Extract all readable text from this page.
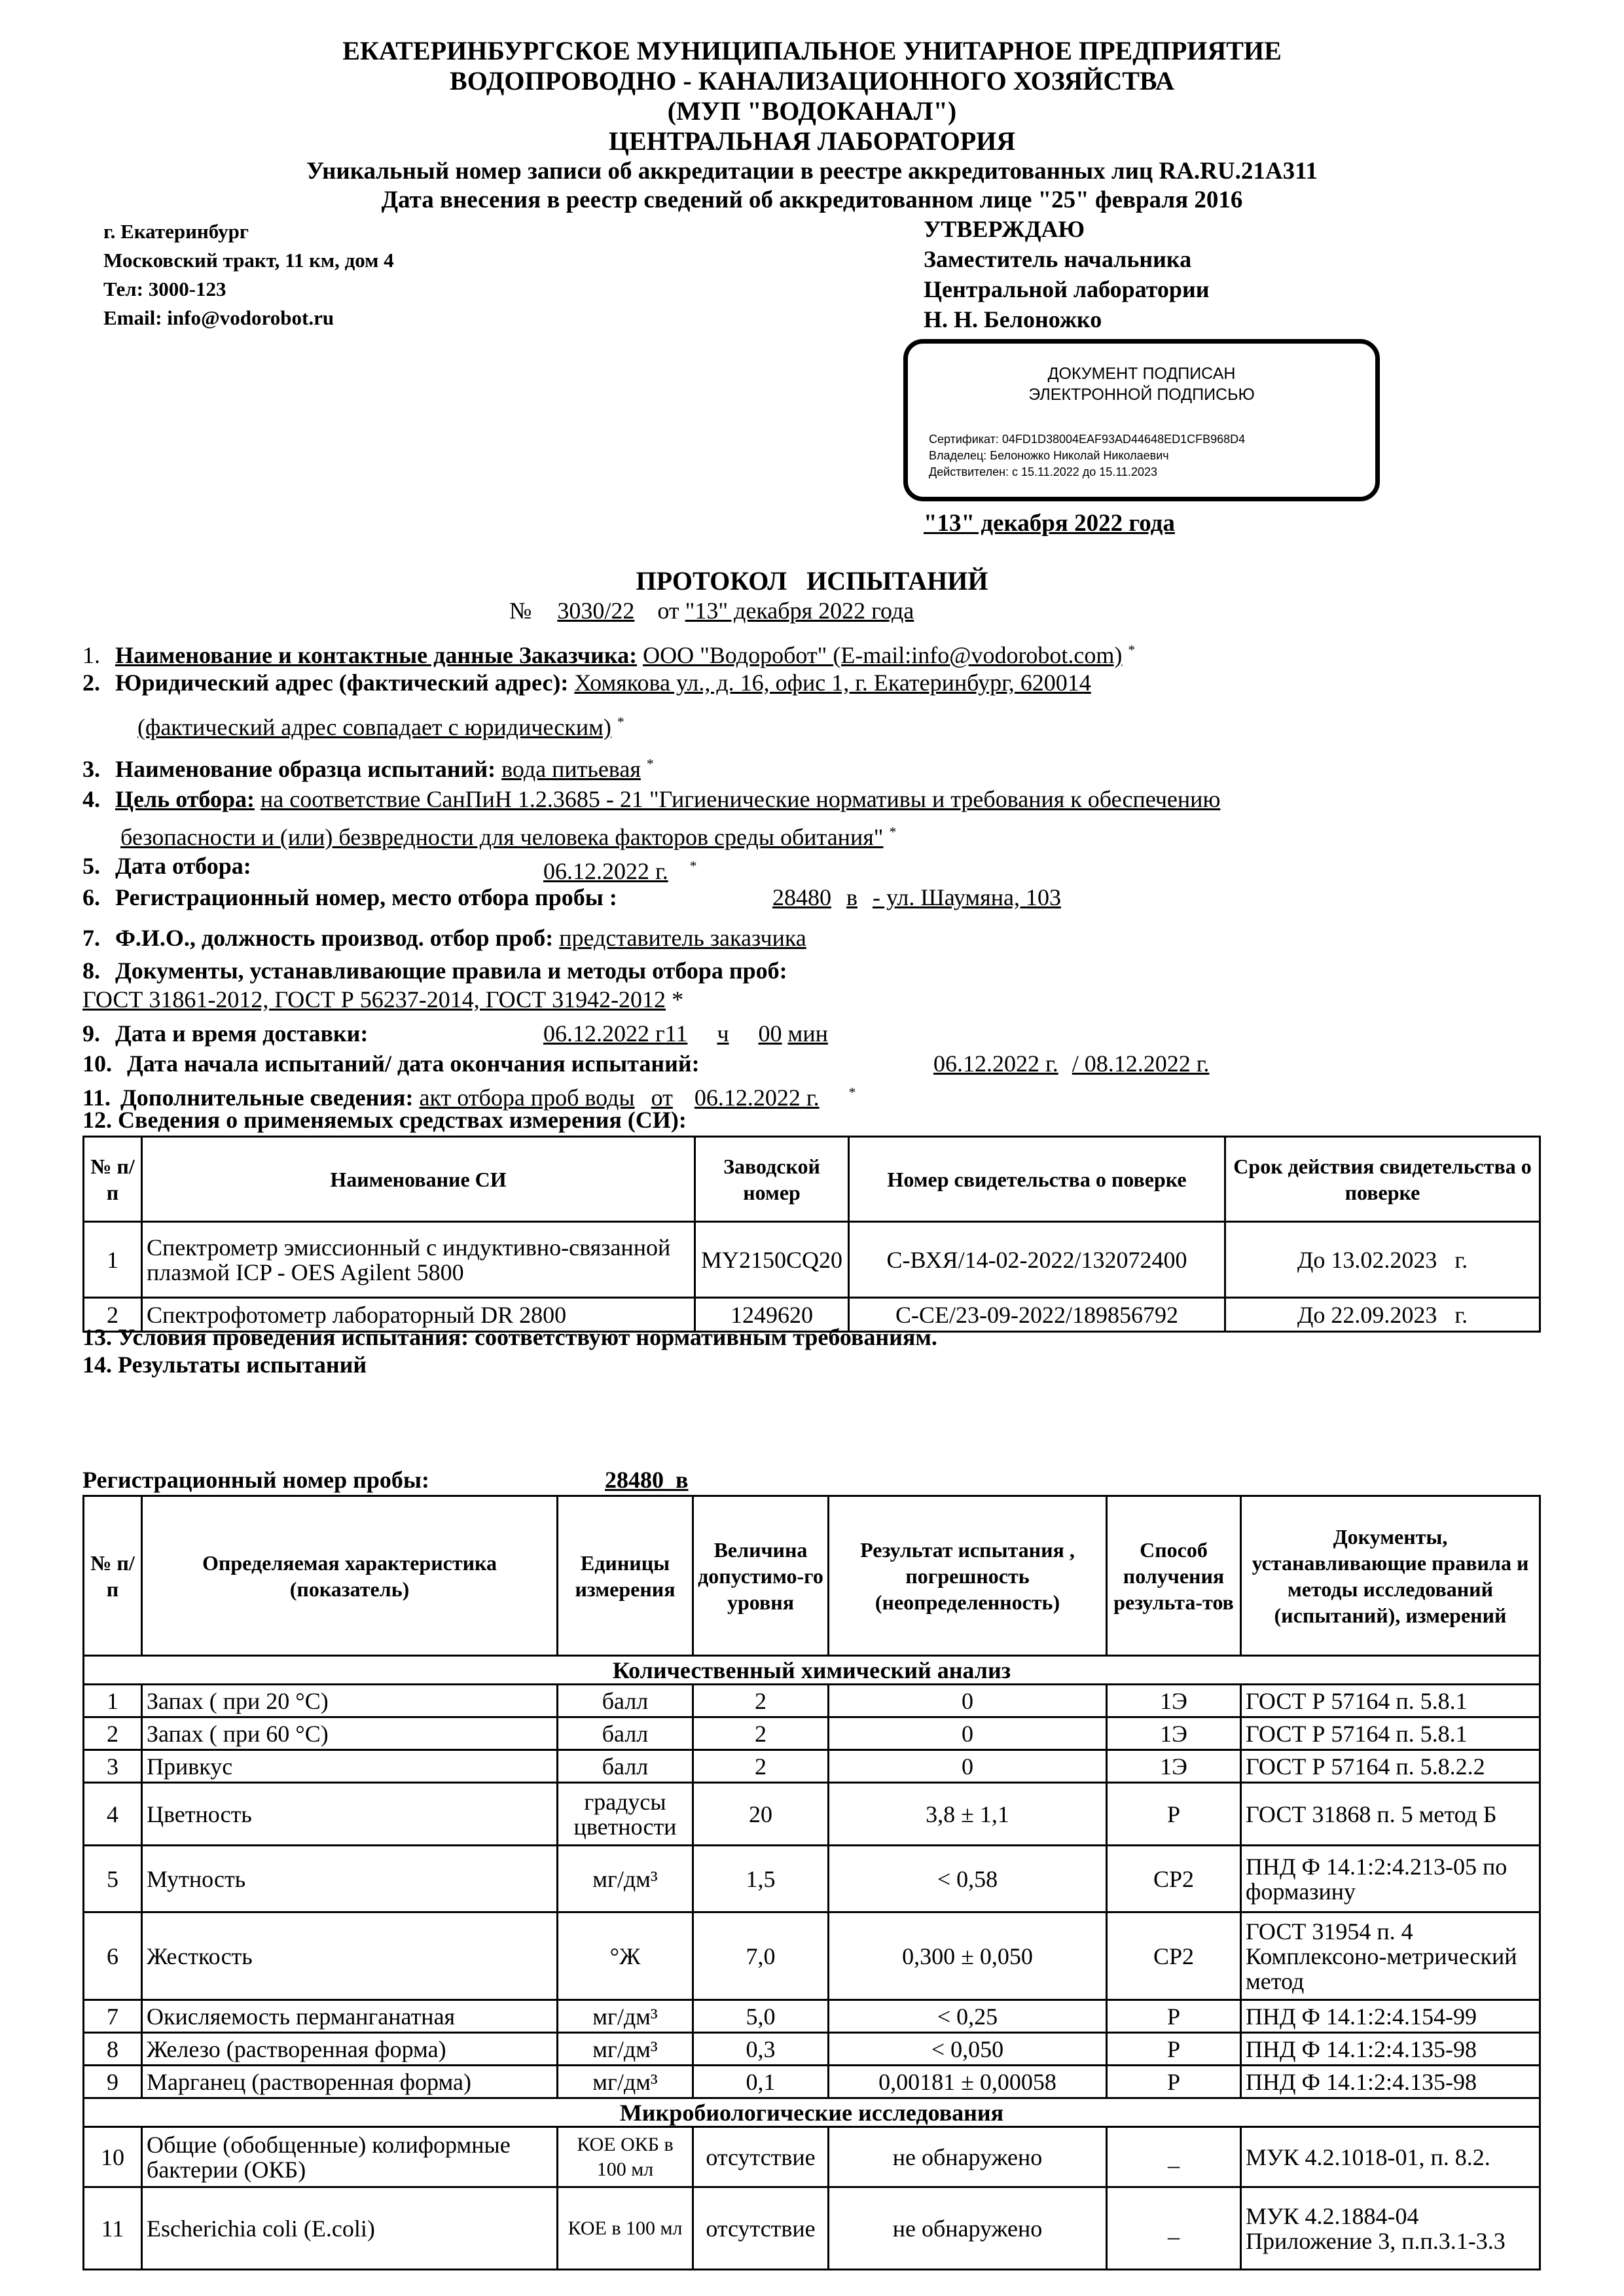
ЕКАТЕРИНБУРГСКОЕ МУНИЦИПАЛЬНОЕ УНИТАРНОЕ ПРЕДПРИЯТИЕ
ВОДОПРОВОДНО - КАНАЛИЗАЦИОННОГО ХОЗЯЙСТВА
(МУП "ВОДОКАНАЛ")
ЦЕНТРАЛЬНАЯ ЛАБОРАТОРИЯ
Уникальный номер записи об аккредитации в реестре аккредитованных лиц RA.RU.21А311
Дата внесения в реестр сведений об аккредитованном лице "25" февраля 2016
г. Екатеринбург
Московский тракт, 11 км, дом 4
Тел: 3000-123
Email: info@vodorobot.ru
УТВЕРЖДАЮ
Заместитель начальника
Центральной лаборатории
Н. Н. Белоножко
ДОКУМЕНТ ПОДПИСАН
ЭЛЕКТРОННОЙ ПОДПИСЬЮ
Сертификат: 04FD1D38004EAF93AD44648ED1CFB968D4
Владелец: Белоножко Николай Николаевич
Действителен: с 15.11.2022 до 15.11.2023
"13" декабря 2022 года
ПРОТОКОЛ   ИСПЫТАНИЙ
№ 3030/22 от "13" декабря 2022 года
1. Наименование и контактные данные Заказчика: ООО "Водоробот" (E-mail:info@vodorobot.com) *
2. Юридический адрес (фактический адрес): Хомякова ул., д. 16, офис 1, г. Екатеринбург, 620014
(фактический адрес совпадает с юридическим) *
3. Наименование образца испытаний: вода питьевая *
4. Цель отбора: на соответствие СанПиН 1.2.3685 - 21 "Гигиенические нормативы и требования к обеспечению
безопасности и (или) безвредности для человека факторов среды обитания" *
5. Дата отбора:	06.12.2022 г. *
6. Регистрационный номер, место отбора пробы :	28480 в - ул. Шаумяна, 103
7. Ф.И.О., должность производ. отбор проб: представитель заказчика
8. Документы, устанавливающие правила и методы отбора проб:
ГОСТ 31861-2012, ГОСТ Р 56237-2014, ГОСТ 31942-2012 *
9. Дата и время доставки:	06.12.2022 г11 ч 00 мин
10. Дата начала испытаний/ дата окончания испытаний:	06.12.2022 г. / 08.12.2022 г.
11. Дополнительные сведения: акт отбора проб воды от 06.12.2022 г. *
12. Сведения о применяемых средствах измерения (СИ):
№ п/п	Наименование СИ	Заводской номер	Номер свидетельства о поверке	Срок действия свидетельства о поверке
1	Спектрометр эмиссионный с индуктивно-связанной плазмой ICP - OES Agilent 5800	MY2150CQ20	С-ВХЯ/14-02-2022/132072400	До 13.02.2023   г.
2	Спектрофотометр лабораторный DR 2800	1249620	С-СЕ/23-09-2022/189856792	До 22.09.2023   г.
13. Условия проведения испытания: соответствуют нормативным требованиям.
14. Результаты испытаний
Регистрационный номер пробы:	28480  в
№ п/п	Определяемая характеристика (показатель)	Единицы измерения	Величина допустимо-го уровня	Результат испытания , погрешность (неопределенность)	Способ получения результа-тов	Документы, устанавливающие правила и методы исследований (испытаний), измерений
Количественный химический анализ						
1	Запах ( при 20 °С)	балл	2	0	1Э	ГОСТ Р 57164 п. 5.8.1
2	Запах ( при 60 °С)	балл	2	0	1Э	ГОСТ Р 57164 п. 5.8.1
3	Привкус	балл	2	0	1Э	ГОСТ Р 57164 п. 5.8.2.2
4	Цветность	градусы цветности	20	3,8 ± 1,1	Р	ГОСТ 31868 п. 5 метод Б
5	Мутность	мг/дм³	1,5	< 0,58	СР2	ПНД Ф 14.1:2:4.213-05 по формазину
6	Жесткость	°Ж	7,0	0,300 ± 0,050	СР2	ГОСТ 31954 п. 4 Комплексоно-метрический метод
7	Окисляемость перманганатная	мг/дм³	5,0	< 0,25	Р	ПНД Ф 14.1:2:4.154-99
8	Железо (растворенная форма)	мг/дм³	0,3	< 0,050	Р	ПНД Ф 14.1:2:4.135-98
9	Марганец (растворенная форма)	мг/дм³	0,1	0,00181 ± 0,00058	Р	ПНД Ф 14.1:2:4.135-98
Микробиологические исследования						
10	Общие (обобщенные) колиформные бактерии (ОКБ)	КОЕ ОКБ в 100 мл	отсутствие	не обнаружено	_	МУК 4.2.1018-01, п. 8.2.
11	Escherichia coli (E.coli)	КОЕ в 100 мл	отсутствие	не обнаружено	_	МУК 4.2.1884-04 Приложение 3, п.п.3.1-3.3
